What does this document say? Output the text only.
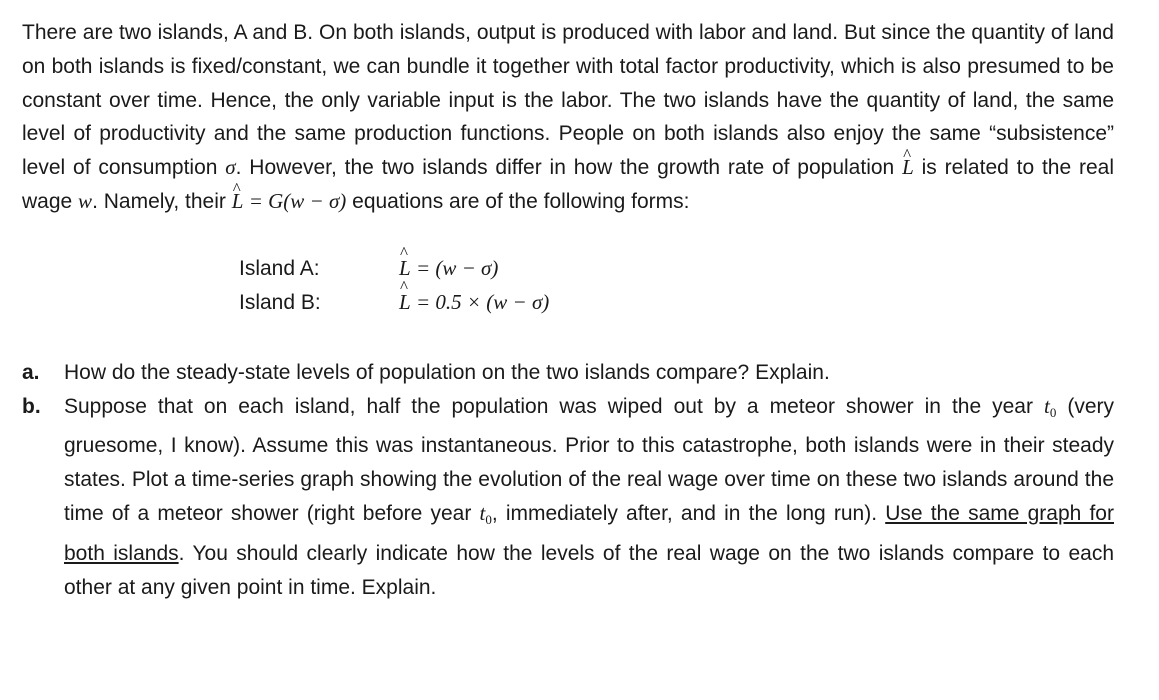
There are two islands, A and B. On both islands, output is produced with labor and land. But since the quantity of land on both islands is fixed/constant, we can bundle it together with total factor productivity, which is also presumed to be constant over time. Hence, the only variable input is the labor. The two islands have the quantity of land, the same level of productivity and the same production functions. People on both islands also enjoy the same “subsistence” level of consumption σ. However, the two islands differ in how the growth rate of population ^ L is related to the real wage w. Namely, their ^ L = G(w − σ) equations are of the following forms:

Island A:	^ L = (w − σ)
Island B:	^ L = 0.5 × (w − σ)
a.	How do the steady-state levels of population on the two islands compare? Explain.
b.	Suppose that on each island, half the population was wiped out by a meteor shower in the year $t_0$ (very gruesome, I know). Assume this was instantaneous. Prior to this catastrophe, both islands were in their steady states. Plot a time-series graph showing the evolution of the real wage over time on these two islands around the time of a meteor shower (right before year $t_0$, immediately after, and in the long run). Use the same graph for both islands. You should clearly indicate how the levels of the real wage on the two islands compare to each other at any given point in time. Explain.
